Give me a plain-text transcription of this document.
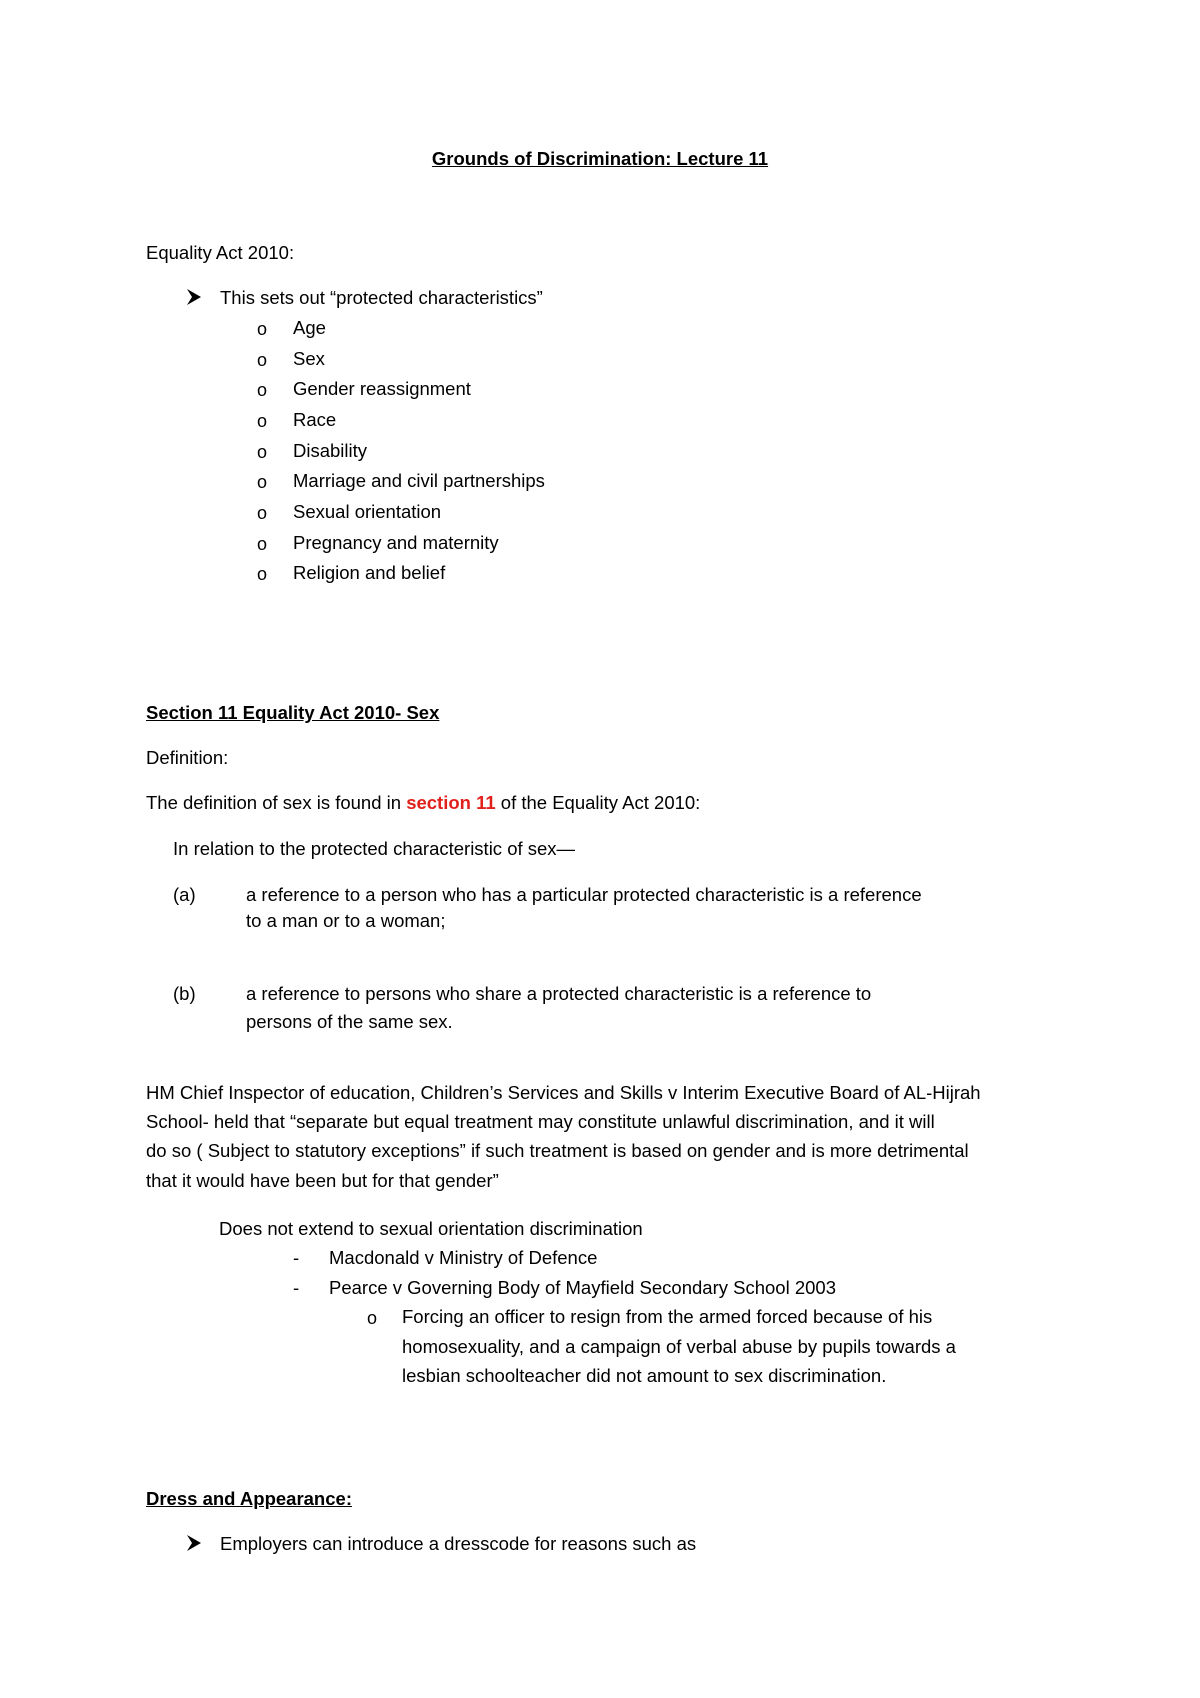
Grounds of Discrimination: Lecture 11
Equality Act 2010:
This sets out “protected characteristics”
o Age
o Sex
o Gender reassignment
o Race
o Disability
o Marriage and civil partnerships
o Sexual orientation
o Pregnancy and maternity
o Religion and belief
Section 11 Equality Act 2010- Sex
Definition:
The definition of sex is found in section 11 of the Equality Act 2010:
In relation to the protected characteristic of sex—
(a)	a reference to a person who has a particular protected characteristic is a reference
to a man or to a woman;
(b)	a reference to persons who share a protected characteristic is a reference to
persons of the same sex.
HM Chief Inspector of education, Children’s Services and Skills v Interim Executive Board of AL-Hijrah
School- held that “separate but equal treatment may constitute unlawful discrimination, and it will
do so ( Subject to statutory exceptions” if such treatment is based on gender and is more detrimental
that it would have been but for that gender”
Does not extend to sexual orientation discrimination
- Macdonald v Ministry of Defence
- Pearce v Governing Body of Mayfield Secondary School 2003
o Forcing an officer to resign from the armed forced because of his
homosexuality, and a campaign of verbal abuse by pupils towards a
lesbian schoolteacher did not amount to sex discrimination.
Dress and Appearance:
Employers can introduce a dresscode for reasons such as
